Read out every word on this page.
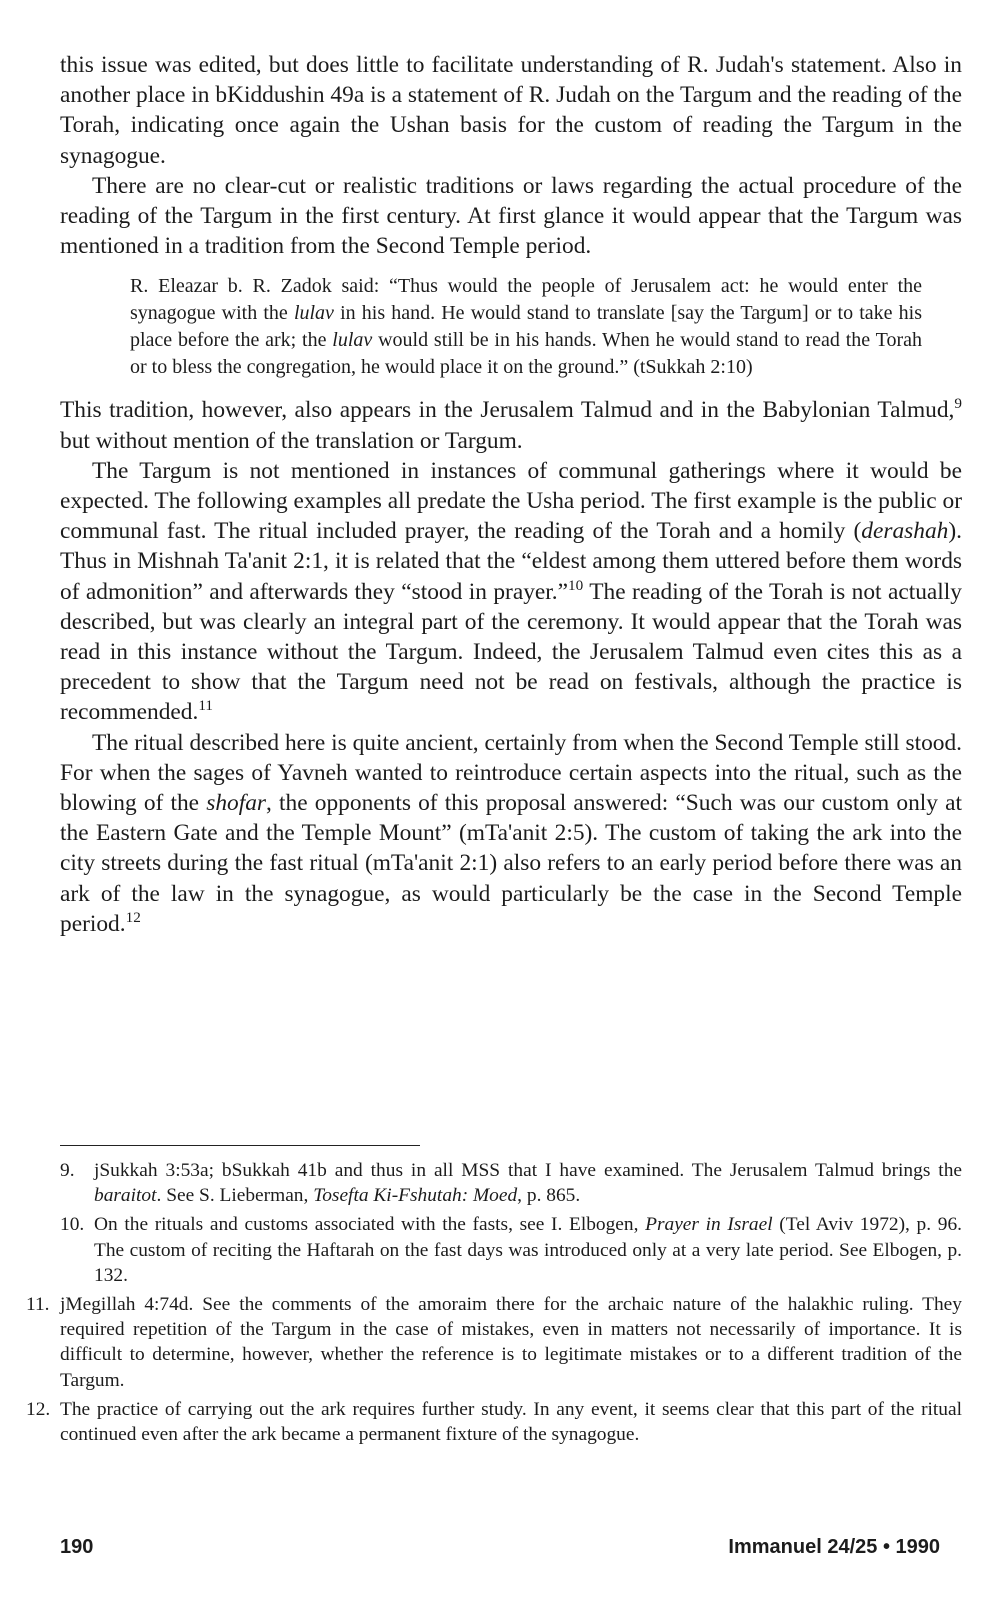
this issue was edited, but does little to facilitate understanding of R. Judah's statement. Also in another place in bKiddushin 49a is a statement of R. Judah on the Targum and the reading of the Torah, indicating once again the Ushan basis for the custom of reading the Targum in the synagogue.

There are no clear-cut or realistic traditions or laws regarding the actual procedure of the reading of the Targum in the first century. At first glance it would appear that the Targum was mentioned in a tradition from the Second Temple period.

R. Eleazar b. R. Zadok said: “Thus would the people of Jerusalem act: he would enter the synagogue with the lulav in his hand. He would stand to translate [say the Targum] or to take his place before the ark; the lulav would still be in his hands. When he would stand to read the Torah or to bless the congregation, he would place it on the ground.” (tSukkah 2:10)

This tradition, however, also appears in the Jerusalem Talmud and in the Babylonian Talmud,$^9$ but without mention of the translation or Targum.

The Targum is not mentioned in instances of communal gatherings where it would be expected. The following examples all predate the Usha period. The first example is the public or communal fast. The ritual included prayer, the reading of the Torah and a homily (derashah). Thus in Mishnah Ta'anit 2:1, it is related that the “eldest among them uttered before them words of admonition” and afterwards they “stood in prayer.”$^{10}$ The reading of the Torah is not actually described, but was clearly an integral part of the ceremony. It would appear that the Torah was read in this instance without the Targum. Indeed, the Jerusalem Talmud even cites this as a precedent to show that the Targum need not be read on festivals, although the practice is recommended.$^{11}$

The ritual described here is quite ancient, certainly from when the Second Temple still stood. For when the sages of Yavneh wanted to reintroduce certain aspects into the ritual, such as the blowing of the shofar, the opponents of this proposal answered: “Such was our custom only at the Eastern Gate and the Temple Mount” (mTa'anit 2:5). The custom of taking the ark into the city streets during the fast ritual (mTa'anit 2:1) also refers to an early period before there was an ark of the law in the synagogue, as would particularly be the case in the Second Temple period.$^{12}$

9.	jSukkah 3:53a; bSukkah 41b and thus in all MSS that I have examined. The Jerusalem Talmud brings the baraitot. See S. Lieberman, Tosefta Ki-Fshutah: Moed, p. 865.
10. On the rituals and customs associated with the fasts, see I. Elbogen, Prayer in Israel (Tel Aviv 1972), p. 96. The custom of reciting the Haftarah on the fast days was introduced only at a very late period. See Elbogen, p. 132.
11. jMegillah 4:74d. See the comments of the amoraim there for the archaic nature of the halakhic ruling. They required repetition of the Targum in the case of mistakes, even in matters not necessarily of importance. It is difficult to determine, however, whether the reference is to legitimate mistakes or to a different tradition of the Targum.
12. The practice of carrying out the ark requires further study. In any event, it seems clear that this part of the ritual continued even after the ark became a permanent fixture of the synagogue.
190	Immanuel 24/25 • 1990
